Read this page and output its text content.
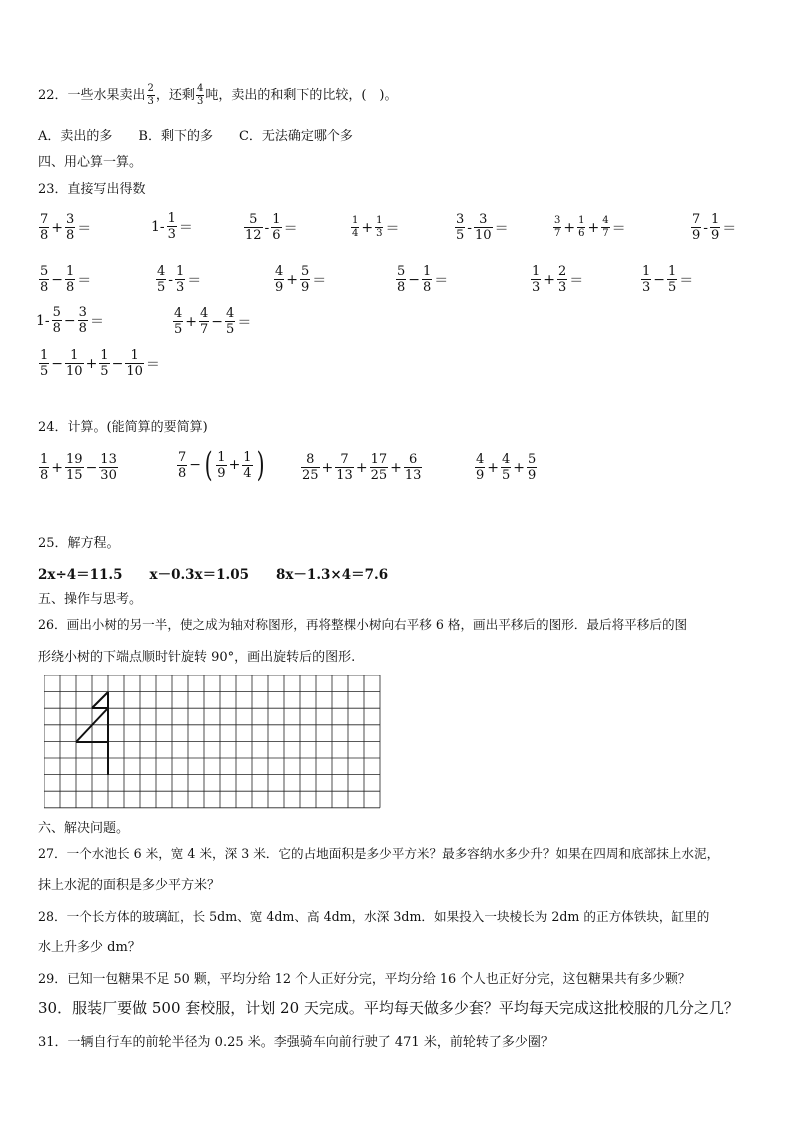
22．一些水果卖出 $\frac{2}{3}$ ，还剩 $\frac{4}{3}$ 吨，卖出的和剩下的比较，(　)。
A．卖出的多　　B．剩下的多　　C．无法确定哪个多
四、用心算一算。
23．直接写出得数
$\frac{7}{8} + \frac{3}{8}$ ＝	$1- \frac{1}{3}$ ＝	$\frac{5}{12} - \frac{1}{6}$ ＝	$\frac{1}{4} + \frac{1}{3}$ ＝	$\frac{3}{5} - \frac{3}{10}$ ＝	$\frac{3}{7} + \frac{1}{6} + \frac{4}{7}$ ＝	$\frac{7}{9} - \frac{1}{9}$ ＝
$\frac{5}{8} - \frac{1}{8}$ ＝	$\frac{4}{5} - \frac{1}{3}$ ＝	$\frac{4}{9} + \frac{5}{9}$ ＝	$\frac{5}{8} - \frac{1}{8}$ ＝	$\frac{1}{3} + \frac{2}{3}$ ＝	$\frac{1}{3} - \frac{1}{5}$ ＝
$1- \frac{5}{8} - \frac{3}{8}$ ＝	$\frac{4}{5} + \frac{4}{7} - \frac{4}{5}$ ＝
$\frac{1}{5} - \frac{1}{10} + \frac{1}{5} - \frac{1}{10}$ ＝
24．计算。(能简算的要简算)
$\frac{1}{8} + \frac{19}{15} - \frac{13}{30}$	$\frac{7}{8}$ − ( $\frac{1}{9} + \frac{1}{4}$ )	$\frac{8}{25} + \frac{7}{13} + \frac{17}{25} + \frac{6}{13}$	$\frac{4}{9} + \frac{4}{5} + \frac{5}{9}$
25．解方程。
2x÷4＝11.5　　x－0.3x＝1.05　　8x－1.3×4＝7.6
五、操作与思考。
26．画出小树的另一半，使之成为轴对称图形，再将整棵小树向右平移 6 格，画出平移后的图形．最后将平移后的图
形绕小树的下端点顺时针旋转 90°，画出旋转后的图形.
六、解决问题。
27．一个水池长 6 米，宽 4 米，深 3 米．它的占地面积是多少平方米？最多容纳水多少升？如果在四周和底部抹上水泥，
抹上水泥的面积是多少平方米？
28．一个长方体的玻璃缸，长 5dm、宽 4dm、高 4dm，水深 3dm．如果投入一块棱长为 2dm 的正方体铁块，缸里的
水上升多少 dm？
29．已知一包糖果不足 50 颗，平均分给 12 个人正好分完，平均分给 16 个人也正好分完，这包糖果共有多少颗？
30．服装厂要做 500 套校服，计划 20 天完成。平均每天做多少套？平均每天完成这批校服的几分之几？
31．一辆自行车的前轮半径为 0.25 米。李强骑车向前行驶了 471 米，前轮转了多少圈？
